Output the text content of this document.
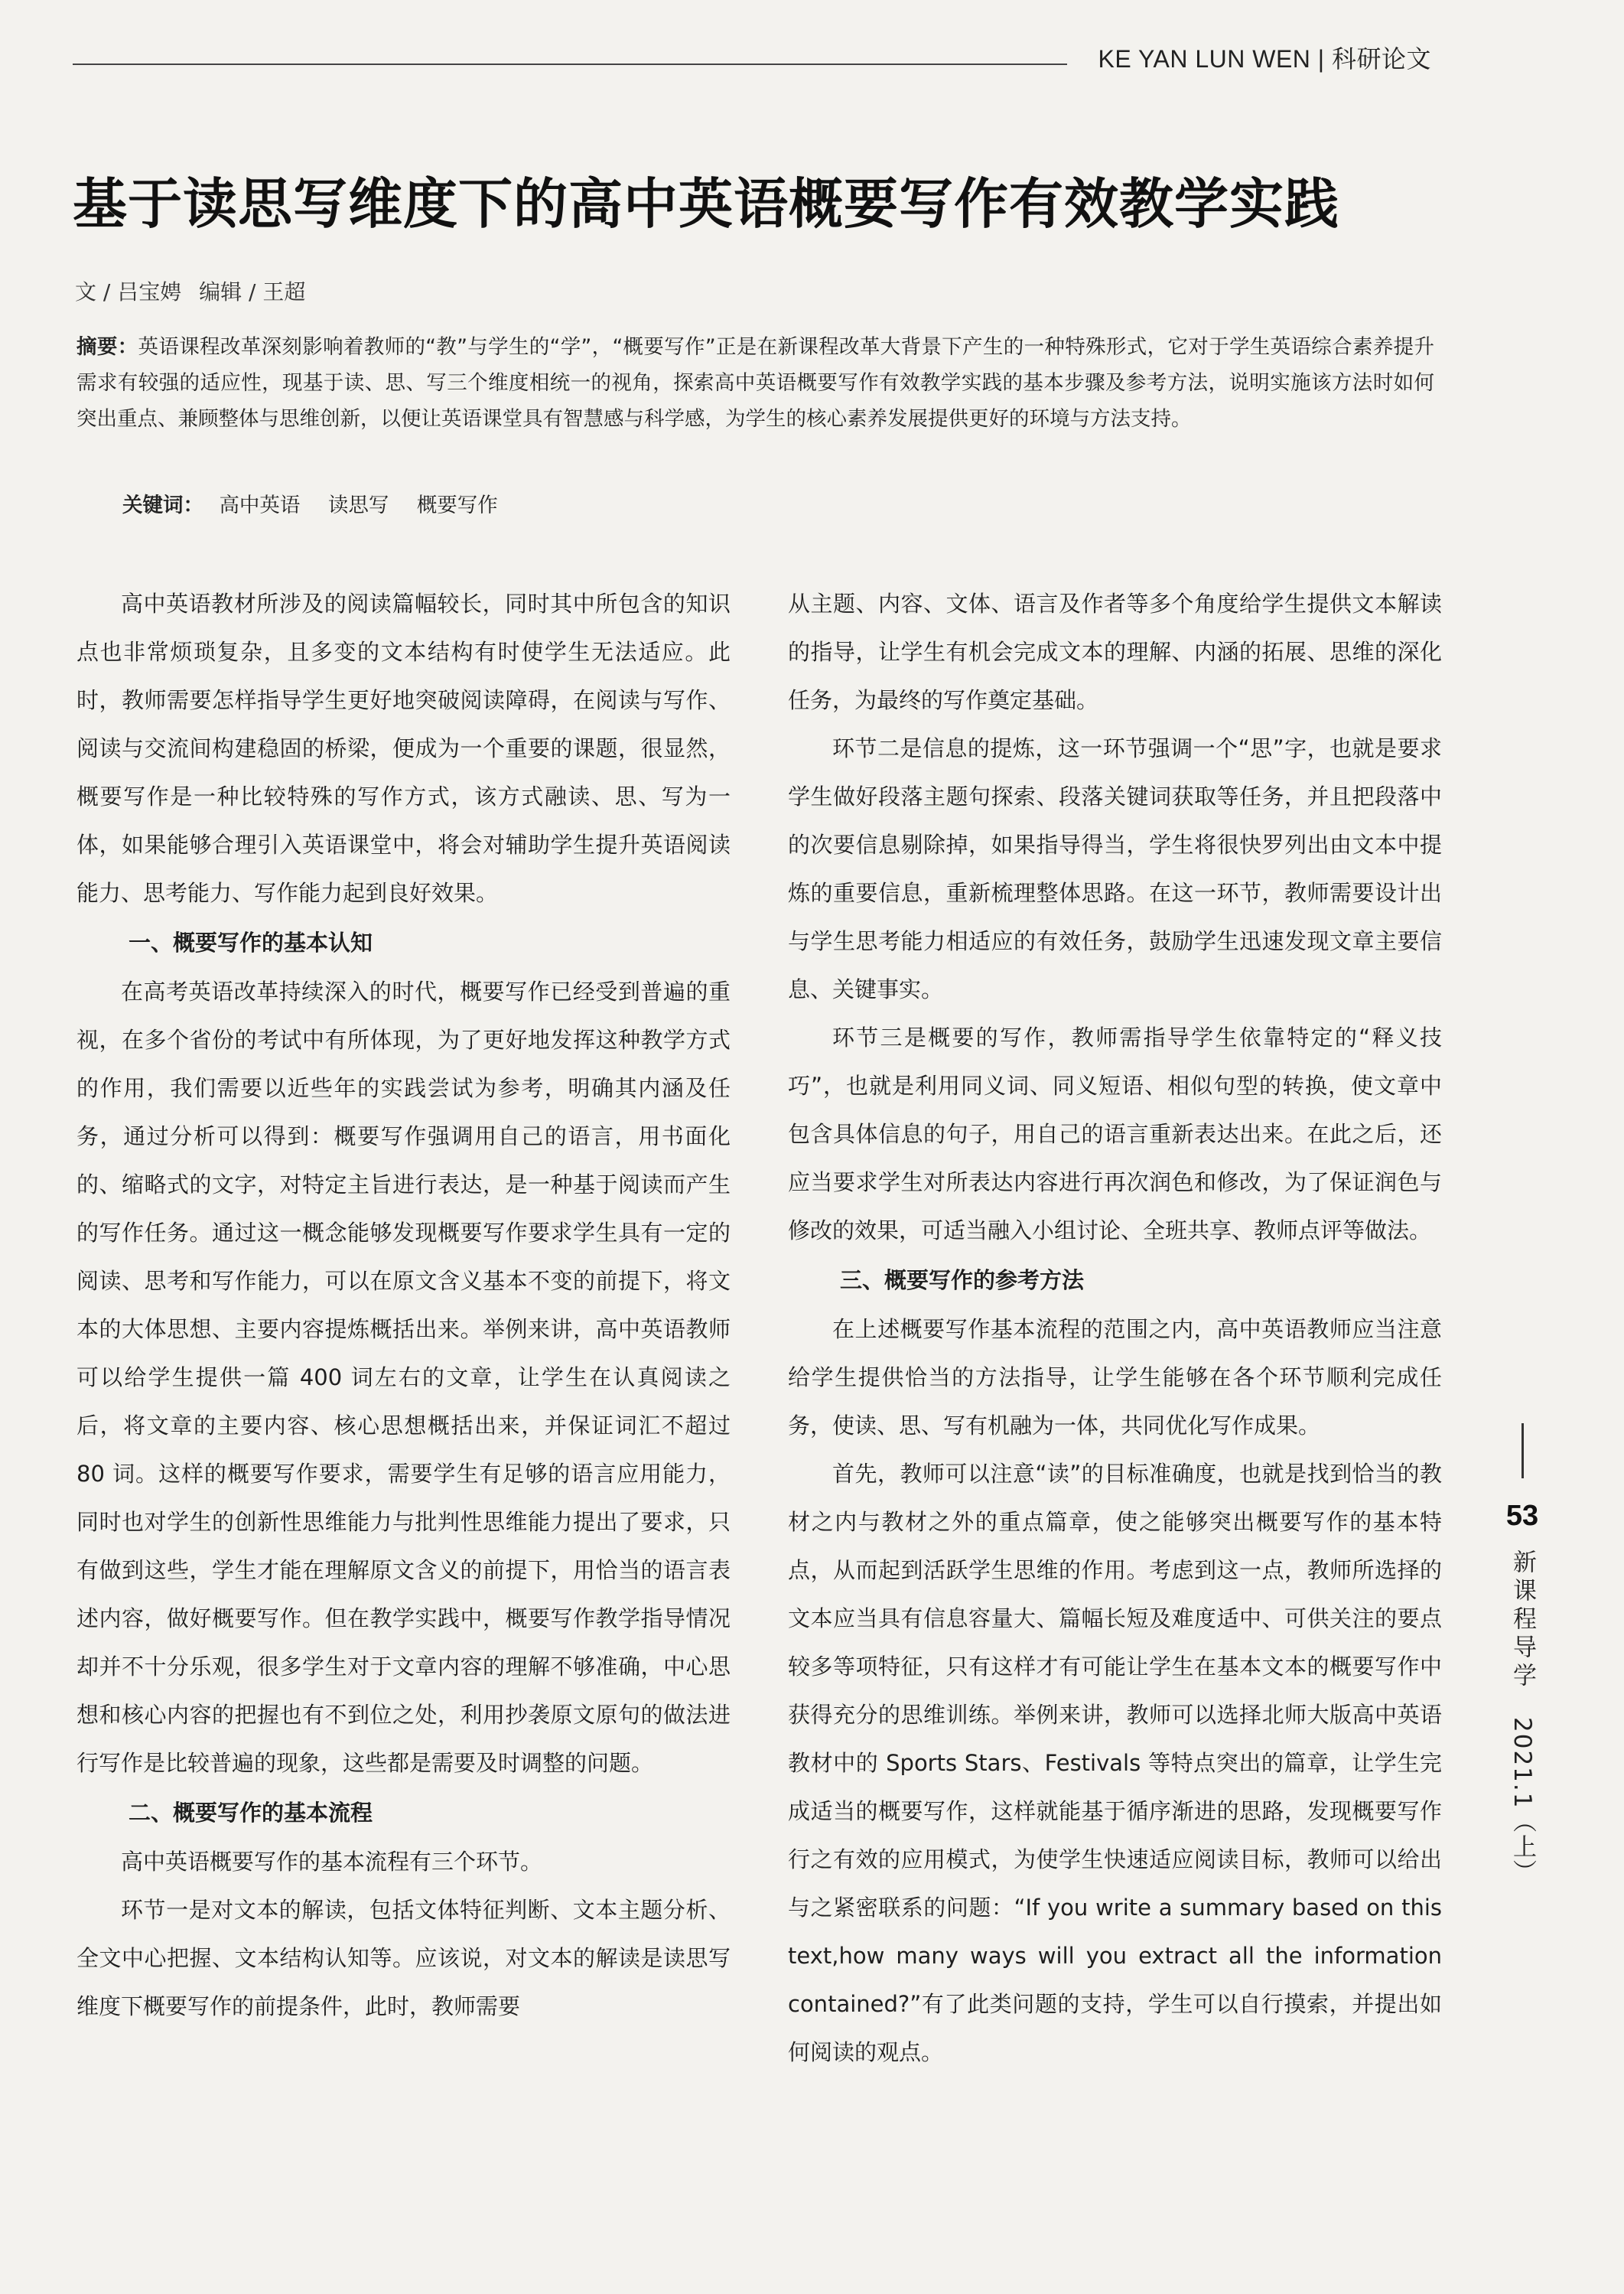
KE YAN LUN WEN | 科研论文
基于读思写维度下的高中英语概要写作有效教学实践
文 / 吕宝娉 编辑 / 王超
摘要：英语课程改革深刻影响着教师的“教”与学生的“学”，“概要写作”正是在新课程改革大背景下产生的一种特殊形式，它对于学生英语综合素养提升需求有较强的适应性，现基于读、思、写三个维度相统一的视角，探索高中英语概要写作有效教学实践的基本步骤及参考方法，说明实施该方法时如何突出重点、兼顾整体与思维创新，以便让英语课堂具有智慧感与科学感，为学生的核心素养发展提供更好的环境与方法支持。
关键词： 高中英语 读思写 概要写作

高中英语教材所涉及的阅读篇幅较长，同时其中所包含的知识点也非常烦琐复杂，且多变的文本结构有时使学生无法适应。此时，教师需要怎样指导学生更好地突破阅读障碍，在阅读与写作、阅读与交流间构建稳固的桥梁，便成为一个重要的课题，很显然，概要写作是一种比较特殊的写作方式，该方式融读、思、写为一体，如果能够合理引入英语课堂中，将会对辅助学生提升英语阅读能力、思考能力、写作能力起到良好效果。

一、概要写作的基本认知

在高考英语改革持续深入的时代，概要写作已经受到普遍的重视，在多个省份的考试中有所体现，为了更好地发挥这种教学方式的作用，我们需要以近些年的实践尝试为参考，明确其内涵及任务，通过分析可以得到：概要写作强调用自己的语言，用书面化的、缩略式的文字，对特定主旨进行表达，是一种基于阅读而产生的写作任务。通过这一概念能够发现概要写作要求学生具有一定的阅读、思考和写作能力，可以在原文含义基本不变的前提下，将文本的大体思想、主要内容提炼概括出来。举例来讲，高中英语教师可以给学生提供一篇 400 词左右的文章，让学生在认真阅读之后，将文章的主要内容、核心思想概括出来，并保证词汇不超过 80 词。这样的概要写作要求，需要学生有足够的语言应用能力，同时也对学生的创新性思维能力与批判性思维能力提出了要求，只有做到这些，学生才能在理解原文含义的前提下，用恰当的语言表述内容，做好概要写作。但在教学实践中，概要写作教学指导情况却并不十分乐观，很多学生对于文章内容的理解不够准确，中心思想和核心内容的把握也有不到位之处，利用抄袭原文原句的做法进行写作是比较普遍的现象，这些都是需要及时调整的问题。

二、概要写作的基本流程

高中英语概要写作的基本流程有三个环节。

环节一是对文本的解读，包括文体特征判断、文本主题分析、全文中心把握、文本结构认知等。应该说，对文本的解读是读思写维度下概要写作的前提条件，此时，教师需要

从主题、内容、文体、语言及作者等多个角度给学生提供文本解读的指导，让学生有机会完成文本的理解、内涵的拓展、思维的深化任务，为最终的写作奠定基础。

环节二是信息的提炼，这一环节强调一个“思”字，也就是要求学生做好段落主题句探索、段落关键词获取等任务，并且把段落中的次要信息剔除掉，如果指导得当，学生将很快罗列出由文本中提炼的重要信息，重新梳理整体思路。在这一环节，教师需要设计出与学生思考能力相适应的有效任务，鼓励学生迅速发现文章主要信息、关键事实。

环节三是概要的写作，教师需指导学生依靠特定的“释义技巧”，也就是利用同义词、同义短语、相似句型的转换，使文章中包含具体信息的句子，用自己的语言重新表达出来。在此之后，还应当要求学生对所表达内容进行再次润色和修改，为了保证润色与修改的效果，可适当融入小组讨论、全班共享、教师点评等做法。

三、概要写作的参考方法

在上述概要写作基本流程的范围之内，高中英语教师应当注意给学生提供恰当的方法指导，让学生能够在各个环节顺利完成任务，使读、思、写有机融为一体，共同优化写作成果。

首先，教师可以注意“读”的目标准确度，也就是找到恰当的教材之内与教材之外的重点篇章，使之能够突出概要写作的基本特点，从而起到活跃学生思维的作用。考虑到这一点，教师所选择的文本应当具有信息容量大、篇幅长短及难度适中、可供关注的要点较多等项特征，只有这样才有可能让学生在基本文本的概要写作中获得充分的思维训练。举例来讲，教师可以选择北师大版高中英语教材中的 Sports Stars、Festivals 等特点突出的篇章，让学生完成适当的概要写作，这样就能基于循序渐进的思路，发现概要写作行之有效的应用模式，为使学生快速适应阅读目标，教师可以给出与之紧密联系的问题：“If you write a summary based on this text,how many ways will you extract all the information contained?”有了此类问题的支持，学生可以自行摸索，并提出如何阅读的观点。

53
新课程导学 2021.1（上）
